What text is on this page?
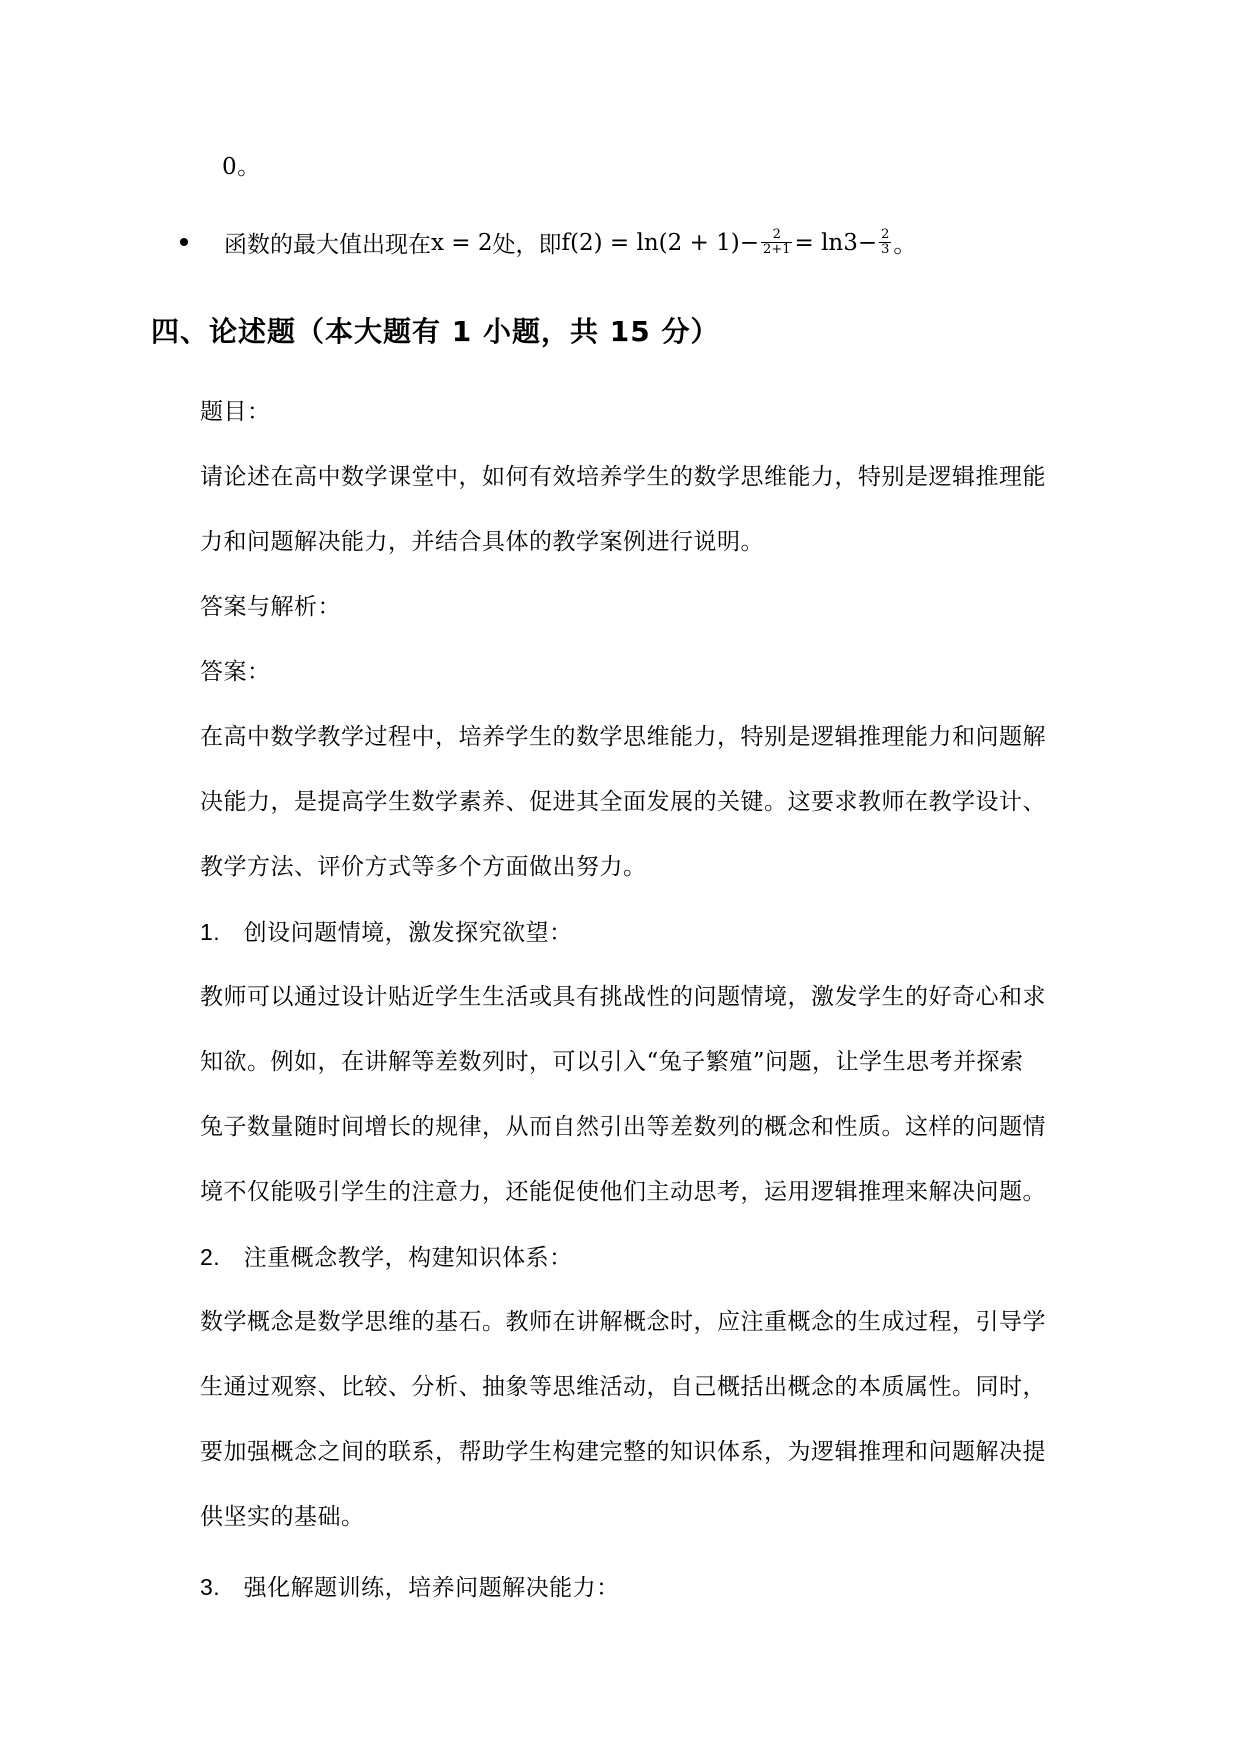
0。
函数的最大值出现在 x = 2 处，即 $f(2) = \ln(2 + 1)- \frac{2}{2+1} = \ln 3- \frac{2}{3}$ 。
四、论述题（本大题有 1 小题，共 15 分）
题目：
请论述在高中数学课堂中，如何有效培养学生的数学思维能力，特别是逻辑推理能
力和问题解决能力，并结合具体的教学案例进行说明。
答案与解析：
答案：
在高中数学教学过程中，培养学生的数学思维能力，特别是逻辑推理能力和问题解
决能力，是提高学生数学素养、促进其全面发展的关键。这要求教师在教学设计、
教学方法、评价方式等多个方面做出努力。
1. 创设问题情境，激发探究欲望：
教师可以通过设计贴近学生生活或具有挑战性的问题情境，激发学生的好奇心和求
知欲。例如，在讲解等差数列时，可以引入“兔子繁殖”问题，让学生思考并探索
兔子数量随时间增长的规律，从而自然引出等差数列的概念和性质。这样的问题情
境不仅能吸引学生的注意力，还能促使他们主动思考，运用逻辑推理来解决问题。
2. 注重概念教学，构建知识体系：
数学概念是数学思维的基石。教师在讲解概念时，应注重概念的生成过程，引导学
生通过观察、比较、分析、抽象等思维活动，自己概括出概念的本质属性。同时，
要加强概念之间的联系，帮助学生构建完整的知识体系，为逻辑推理和问题解决提
供坚实的基础。
3. 强化解题训练，培养问题解决能力：
